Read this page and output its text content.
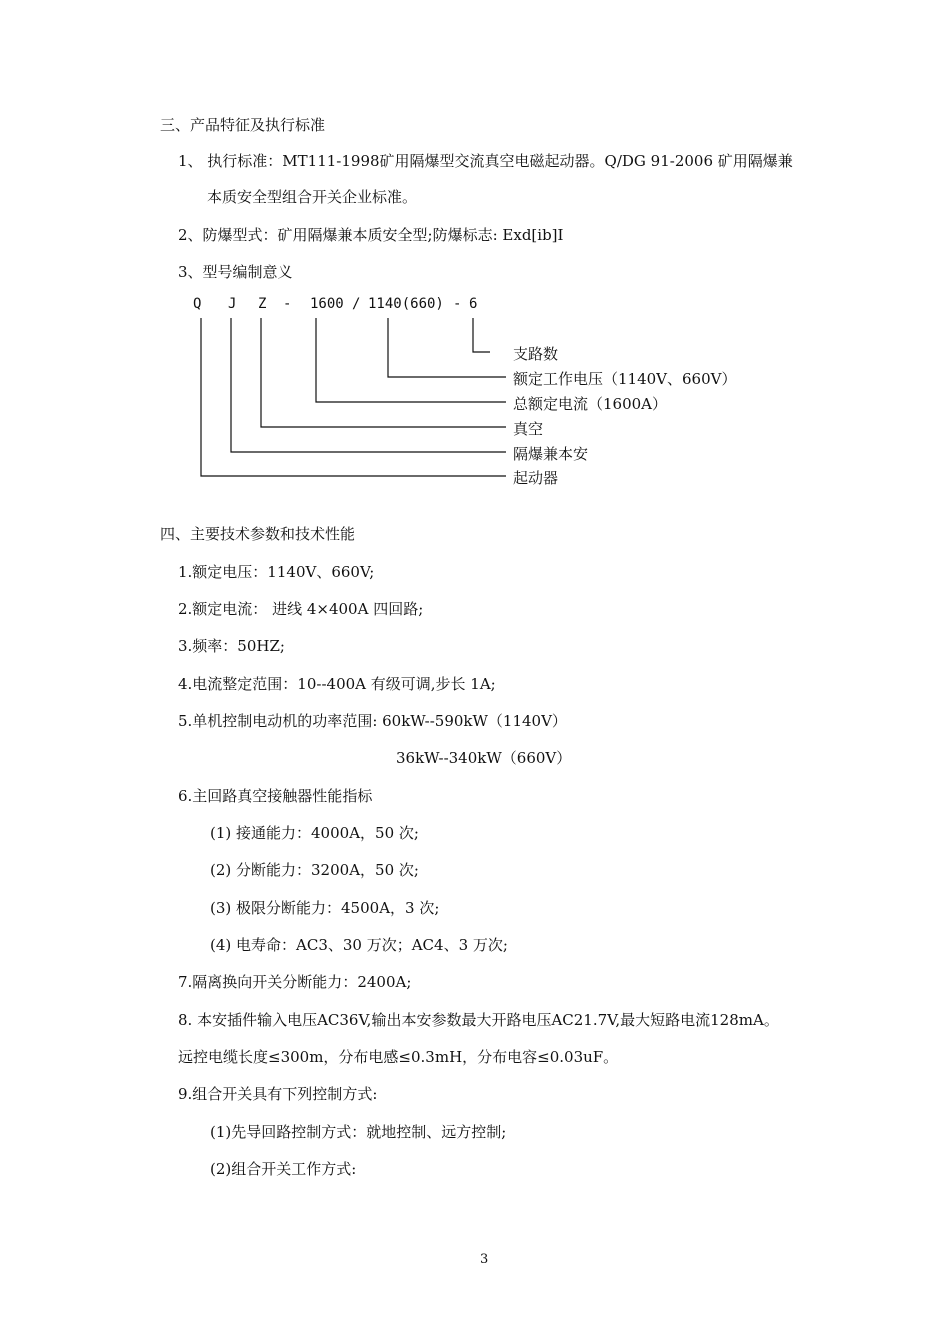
三、产品特征及执行标准
1、 执行标准：MT111-1998矿用隔爆型交流真空电磁起动器。Q/DG 91-2006 矿用隔爆兼
本质安全型组合开关企业标准。
2、防爆型式：矿用隔爆兼本质安全型;防爆标志: Exd[ib]I
3、型号编制意义
Q J Z - 1600 / 1140(660) - 6
支路数
额定工作电压（1140V、660V）
总额定电流（1600A）
真空
隔爆兼本安
起动器
四、主要技术参数和技术性能
1.额定电压：1140V、660V;
2.额定电流： 进线 4×400A 四回路;
3.频率：50HZ;
4.电流整定范围：10--400A 有级可调,步长 1A;
5.单机控制电动机的功率范围: 60kW--590kW（1140V）
36kW--340kW（660V）
6.主回路真空接触器性能指标
(1) 接通能力：4000A，50 次;
(2) 分断能力：3200A，50 次;
(3) 极限分断能力：4500A，3 次;
(4) 电寿命：AC3、30 万次；AC4、3 万次;
7.隔离换向开关分断能力：2400A;
8. 本安插件输入电压AC36V,输出本安参数最大开路电压AC21.7V,最大短路电流128mA。
远控电缆长度≤300m，分布电感≤0.3mH，分布电容≤0.03uF。
9.组合开关具有下列控制方式:
(1)先导回路控制方式：就地控制、远方控制;
(2)组合开关工作方式:
3
